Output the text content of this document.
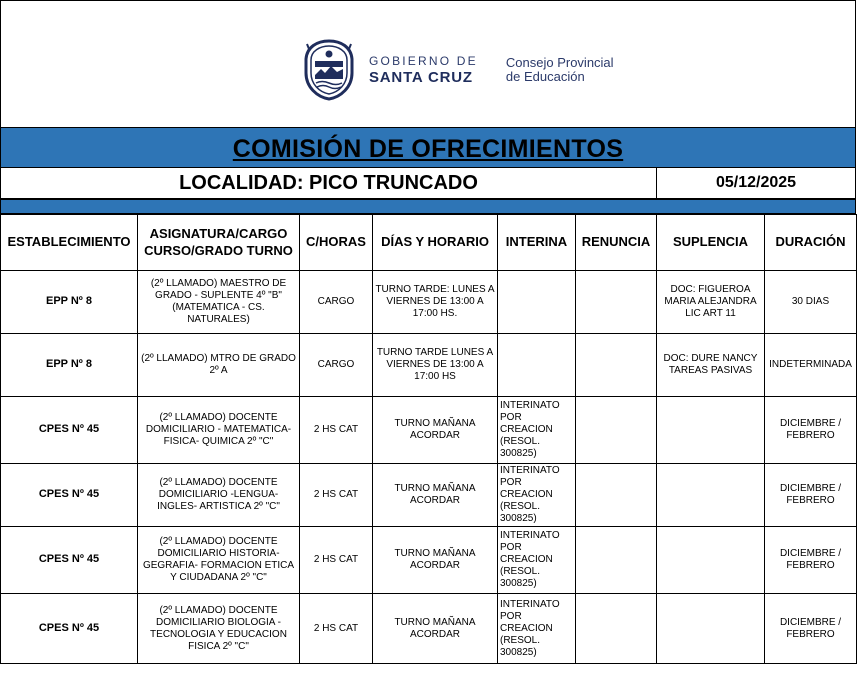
GOBIERNO DE
SANTA CRUZ
Consejo Provincial
de Educación
COMISIÓN DE OFRECIMIENTOS
LOCALIDAD: PICO TRUNCADO	05/12/2025
ESTABLECIMIENTO	ASIGNATURA/CARGO CURSO/GRADO TURNO	C/HORAS	DÍAS Y HORARIO	INTERINA	RENUNCIA	SUPLENCIA	DURACIÓN
EPP Nº 8	(2º LLAMADO) MAESTRO DE GRADO - SUPLENTE 4º "B" (MATEMATICA - CS. NATURALES)	CARGO	TURNO TARDE: LUNES A VIERNES DE 13:00 A 17:00 HS.			DOC: FIGUEROA MARIA ALEJANDRA LIC ART 11	30 DIAS
EPP Nº 8	(2º LLAMADO) MTRO DE GRADO 2º A	CARGO	TURNO TARDE LUNES A VIERNES DE 13:00 A 17:00 HS			DOC: DURE NANCY TAREAS PASIVAS	INDETERMINADA
CPES Nº 45	(2º LLAMADO) DOCENTE DOMICILIARIO - MATEMATICA- FISICA- QUIMICA 2º "C"	2 HS CAT	TURNO MAÑANA ACORDAR	INTERINATO POR CREACION (RESOL. 300825)			DICIEMBRE / FEBRERO
CPES Nº 45	(2º LLAMADO) DOCENTE DOMICILIARIO -LENGUA- INGLES- ARTISTICA 2º "C"	2 HS CAT	TURNO MAÑANA ACORDAR	INTERINATO POR CREACION (RESOL. 300825)			DICIEMBRE / FEBRERO
CPES Nº 45	(2º LLAMADO) DOCENTE DOMICILIARIO HISTORIA- GEGRAFIA- FORMACION ETICA Y CIUDADANA 2º "C"	2 HS CAT	TURNO MAÑANA ACORDAR	INTERINATO POR CREACION (RESOL. 300825)			DICIEMBRE / FEBRERO
CPES Nº 45	(2º LLAMADO) DOCENTE DOMICILIARIO BIOLOGIA - TECNOLOGIA Y EDUCACION FISICA 2º "C"	2 HS CAT	TURNO MAÑANA ACORDAR	INTERINATO POR CREACION (RESOL. 300825)			DICIEMBRE / FEBRERO
